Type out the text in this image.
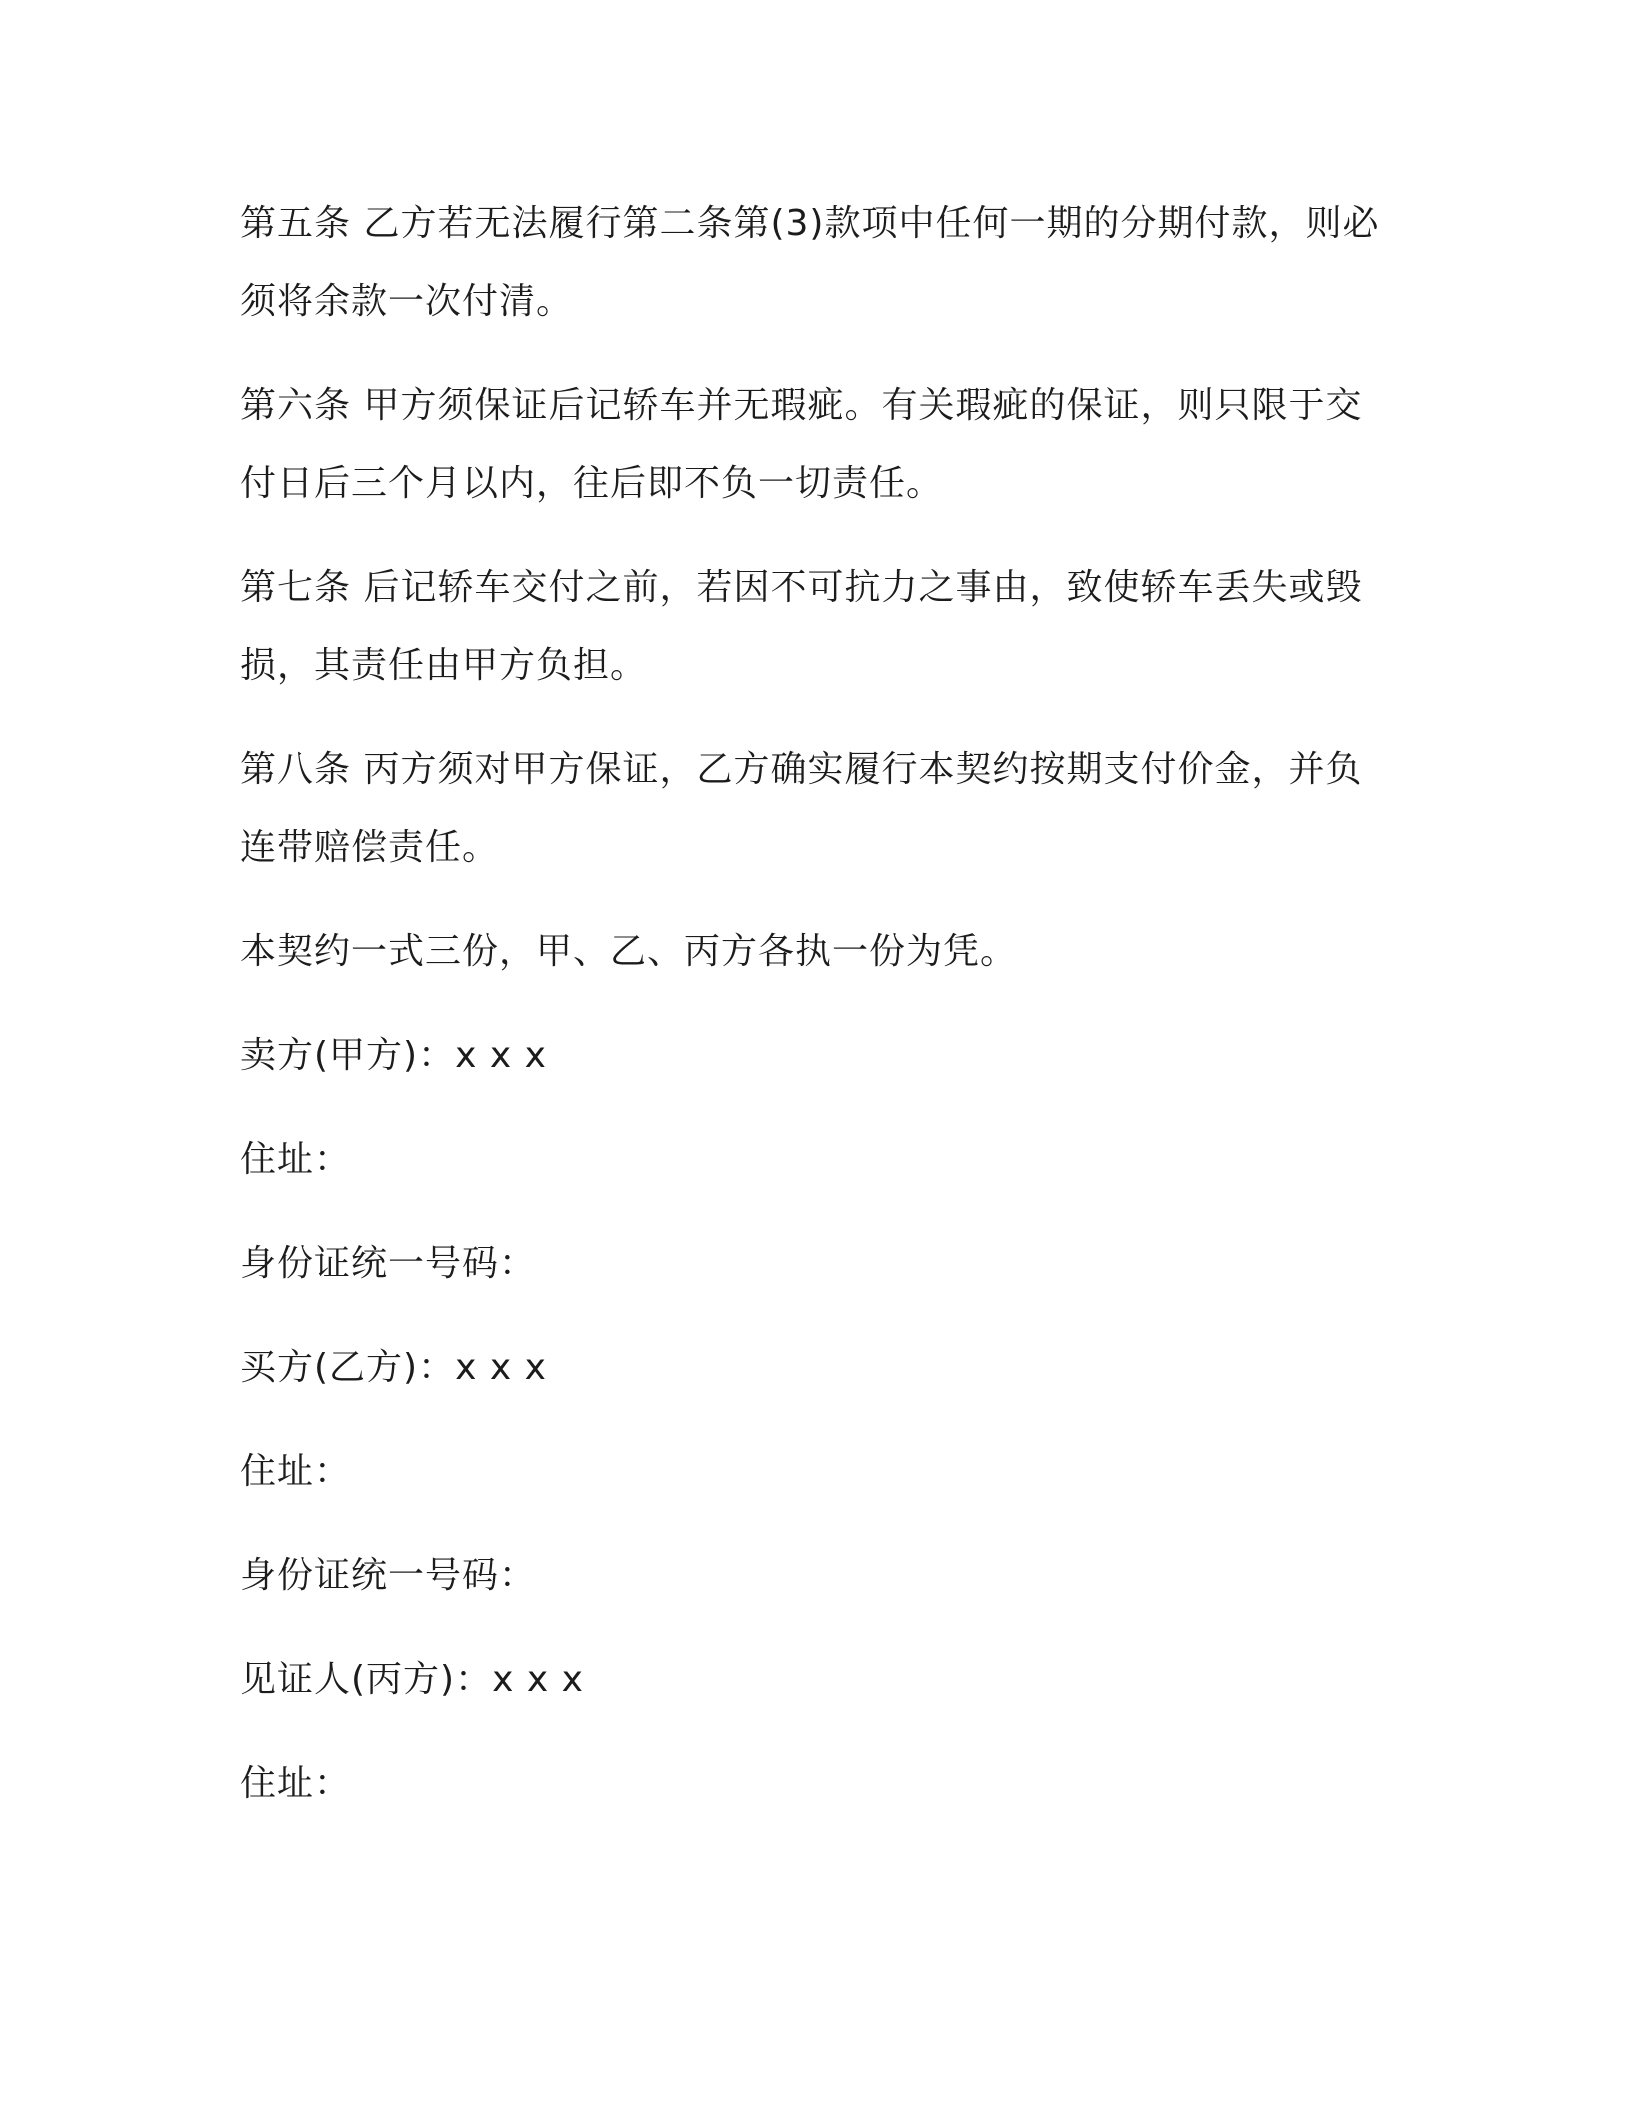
第五条 乙方若无法履行第二条第(3)款项中任何一期的分期付款，则必须将余款一次付清。

第六条 甲方须保证后记轿车并无瑕疵。有关瑕疵的保证，则只限于交付日后三个月以内，往后即不负一切责任。

第七条 后记轿车交付之前，若因不可抗力之事由，致使轿车丢失或毁损，其责任由甲方负担。

第八条 丙方须对甲方保证，乙方确实履行本契约按期支付价金，并负连带赔偿责任。

本契约一式三份，甲、乙、丙方各执一份为凭。

卖方(甲方)：x x x

住址：

身份证统一号码：

买方(乙方)：x x x

住址：

身份证统一号码：

见证人(丙方)：x x x

住址：
